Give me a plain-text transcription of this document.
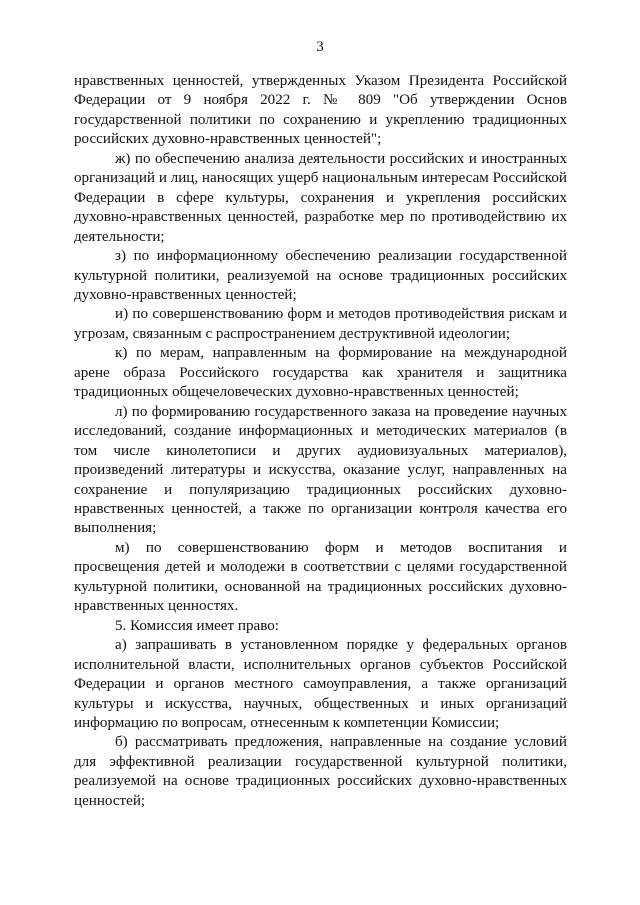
3

нравственных ценностей, утвержденных Указом Президента Российской Федерации от 9 ноября 2022 г. № 809 "Об утверждении Основ государственной политики по сохранению и укреплению традиционных российских духовно-нравственных ценностей";

ж) по обеспечению анализа деятельности российских и иностранных организаций и лиц, наносящих ущерб национальным интересам Российской Федерации в сфере культуры, сохранения и укрепления российских духовно-нравственных ценностей, разработке мер по противодействию их деятельности;

з) по информационному обеспечению реализации государственной культурной политики, реализуемой на основе традиционных российских духовно-нравственных ценностей;

и) по совершенствованию форм и методов противодействия рискам и угрозам, связанным с распространением деструктивной идеологии;

к) по мерам, направленным на формирование на международной арене образа Российского государства как хранителя и защитника традиционных общечеловеческих духовно-нравственных ценностей;

л) по формированию государственного заказа на проведение научных исследований, создание информационных и методических материалов (в том числе кинолетописи и других аудиовизуальных материалов), произведений литературы и искусства, оказание услуг, направленных на сохранение и популяризацию традиционных российских духовно-нравственных ценностей, а также по организации контроля качества его выполнения;

м) по совершенствованию форм и методов воспитания и просвещения детей и молодежи в соответствии с целями государственной культурной политики, основанной на традиционных российских духовно-нравственных ценностях.

5. Комиссия имеет право:

а) запрашивать в установленном порядке у федеральных органов исполнительной власти, исполнительных органов субъектов Российской Федерации и органов местного самоуправления, а также организаций культуры и искусства, научных, общественных и иных организаций информацию по вопросам, отнесенным к компетенции Комиссии;

б) рассматривать предложения, направленные на создание условий для эффективной реализации государственной культурной политики, реализуемой на основе традиционных российских духовно-нравственных ценностей;
